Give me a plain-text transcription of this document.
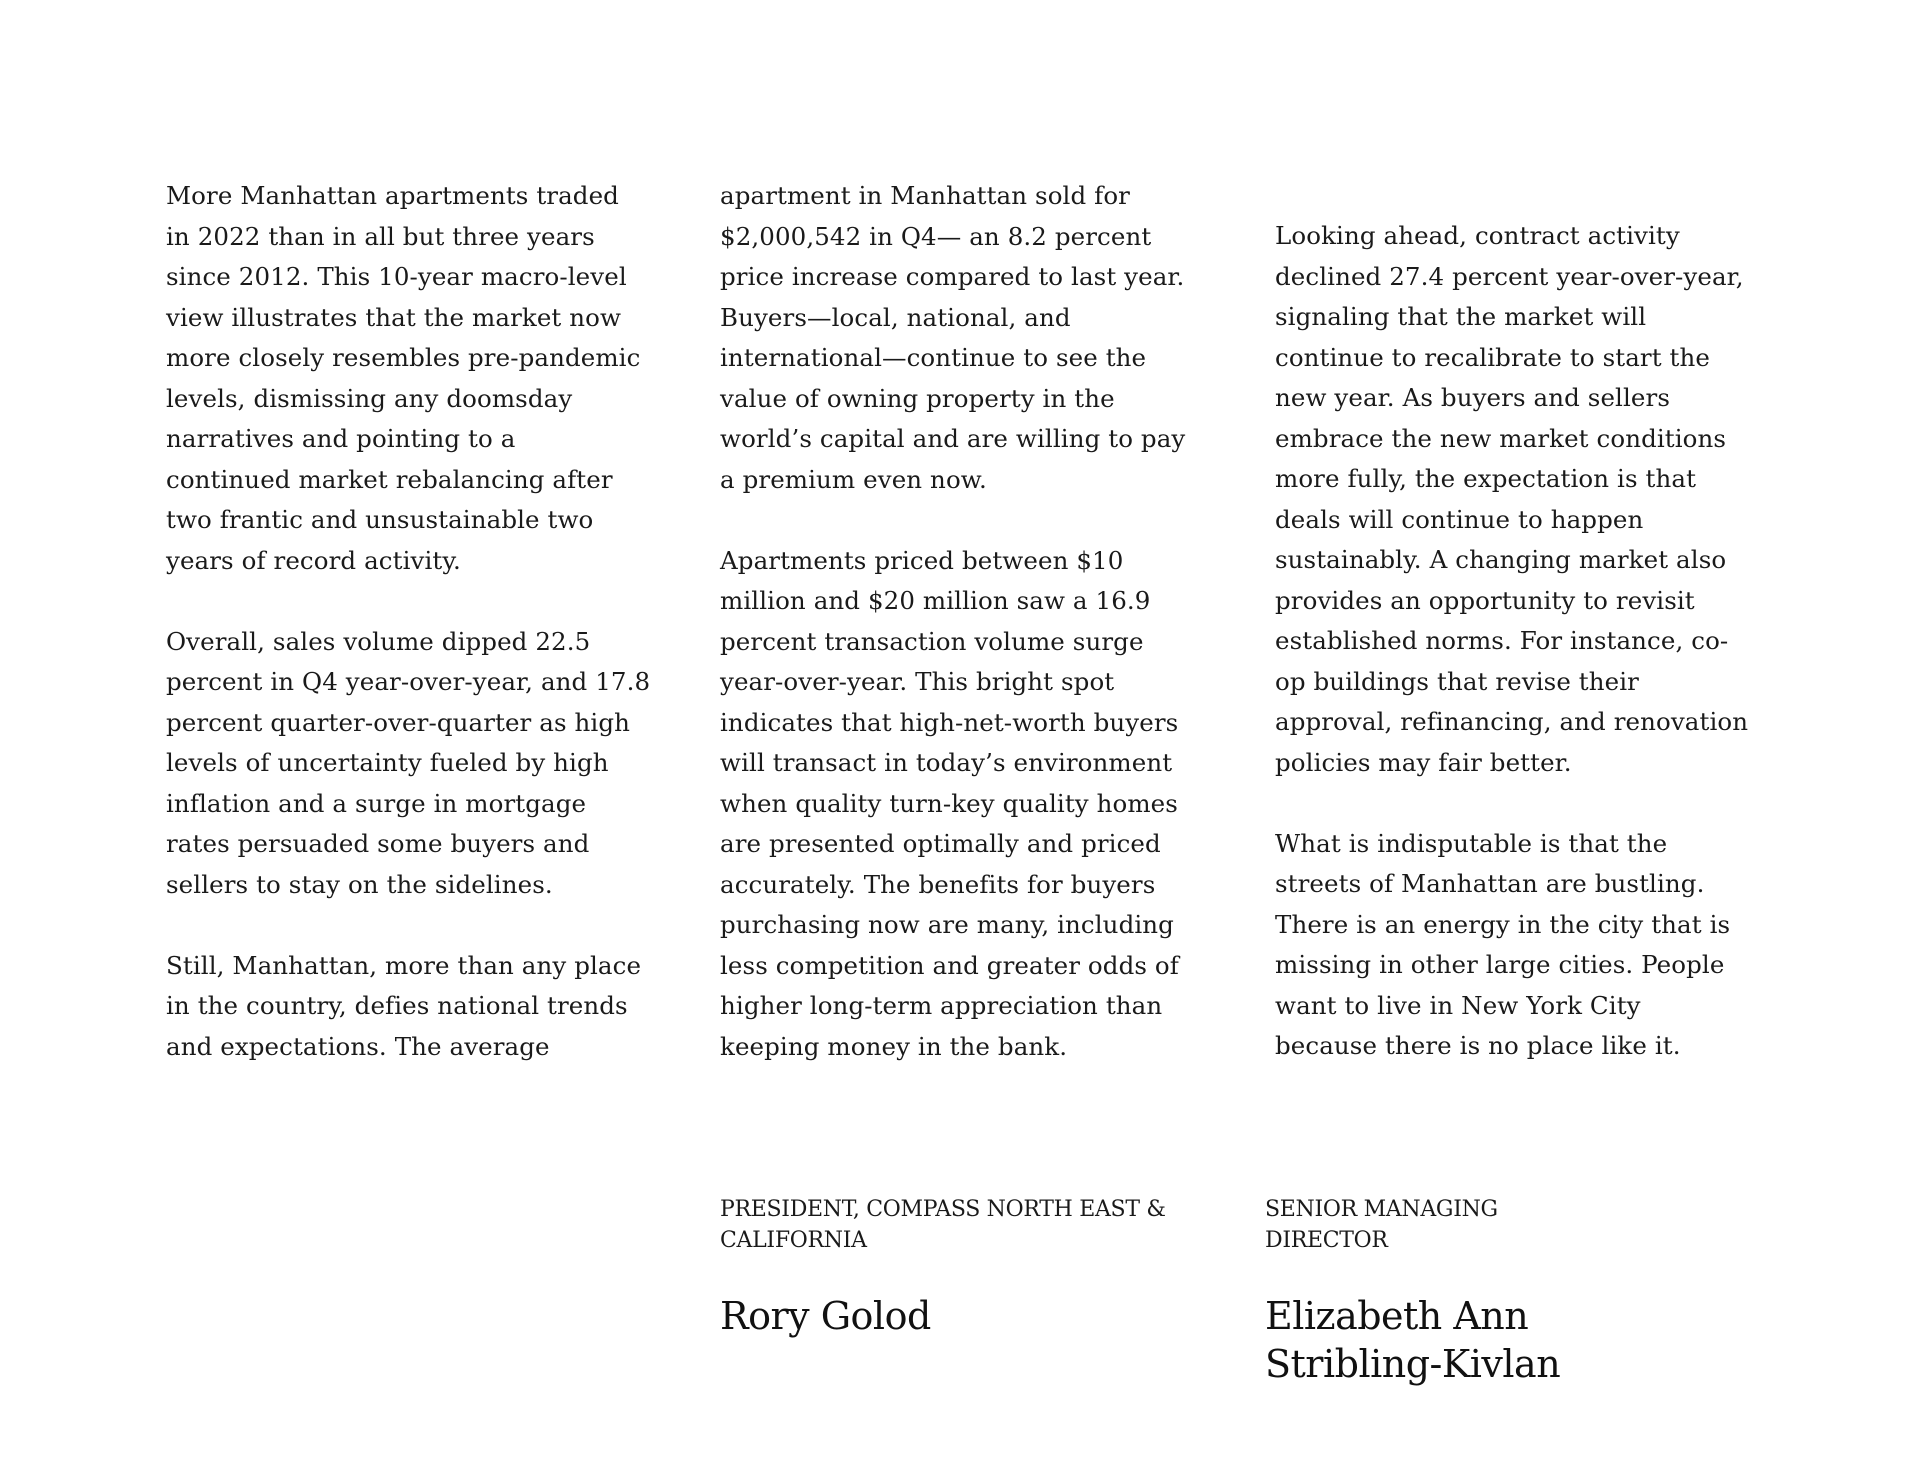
More Manhattan apartments traded
in 2022 than in all but three years
since 2012. This 10-year macro-level
view illustrates that the market now
more closely resembles pre-pandemic
levels, dismissing any doomsday
narratives and pointing to a
continued market rebalancing after
two frantic and unsustainable two
years of record activity.

Overall, sales volume dipped 22.5
percent in Q4 year-over-year, and 17.8
percent quarter-over-quarter as high
levels of uncertainty fueled by high
inflation and a surge in mortgage
rates persuaded some buyers and
sellers to stay on the sidelines.

Still, Manhattan, more than any place
in the country, defies national trends
and expectations. The average

apartment in Manhattan sold for
$2,000,542 in Q4— an 8.2 percent
price increase compared to last year.
Buyers—local, national, and
international—continue to see the
value of owning property in the
world’s capital and are willing to pay
a premium even now.

Apartments priced between $10
million and $20 million saw a 16.9
percent transaction volume surge
year-over-year. This bright spot
indicates that high-net-worth buyers
will transact in today’s environment
when quality turn-key quality homes
are presented optimally and priced
accurately. The benefits for buyers
purchasing now are many, including
less competition and greater odds of
higher long-term appreciation than
keeping money in the bank.

Looking ahead, contract activity
declined 27.4 percent year-over-year,
signaling that the market will
continue to recalibrate to start the
new year. As buyers and sellers
embrace the new market conditions
more fully, the expectation is that
deals will continue to happen
sustainably. A changing market also
provides an opportunity to revisit
established norms. For instance, co-
op buildings that revise their
approval, refinancing, and renovation
policies may fair better.

What is indisputable is that the
streets of Manhattan are bustling.
There is an energy in the city that is
missing in other large cities. People
want to live in New York City
because there is no place like it.

PRESIDENT, COMPASS NORTH EAST &
CALIFORNIA
Rory Golod
SENIOR MANAGING
DIRECTOR
Elizabeth Ann
Stribling-Kivlan
